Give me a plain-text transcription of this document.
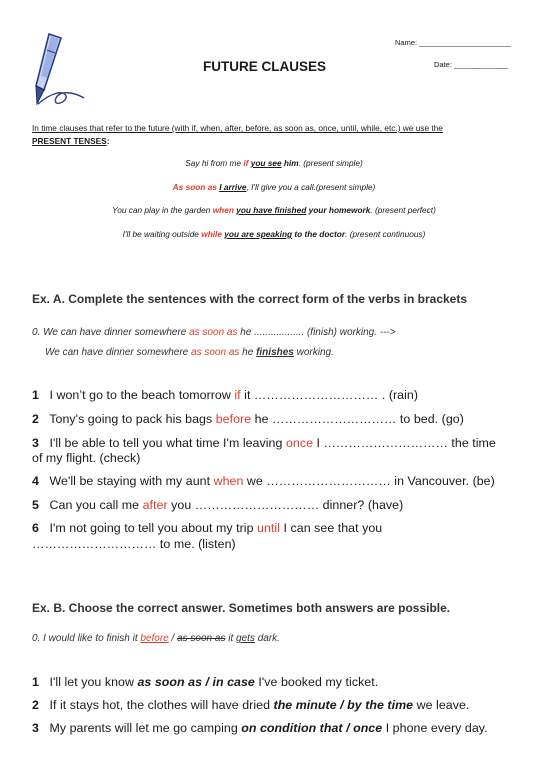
FUTURE CLAUSES
Name: ______________________
Date: _____________
In time clauses that refer to the future (with if, when, after, before, as soon as, once, until, while, etc.) we use the
PRESENT TENSES:
Say hi from me if you see him. (present simple)
As soon as I arrive, I'll give you a call.(present simple)
You can play in the garden when you have finished your homework. (present perfect)
I'll be waiting outside while you are speaking to the doctor. (present continuous)
Ex. A. Complete the sentences with the correct form of the verbs in brackets
0. We can have dinner somewhere as soon as he .................. (finish) working. --->
We can have dinner somewhere as soon as he finishes working.
1 I won’t go to the beach tomorrow if it ………………………… . (rain)
2 Tony's going to pack his bags before he ………………………… to bed. (go)
3 I'll be able to tell you what time I'm leaving once I ………………………… the time
of my flight. (check)
4 We'll be staying with my aunt when we ………………………… in Vancouver. (be)
5 Can you call me after you ………………………… dinner? (have)
6 I'm not going to tell you about my trip until I can see that you
………………………… to me. (listen)
Ex. B. Choose the correct answer. Sometimes both answers are possible.
0. I would like to finish it before / as soon as it gets dark.
1 I'll let you know as soon as / in case I've booked my ticket.
2 If it stays hot, the clothes will have dried the minute / by the time we leave.
3 My parents will let me go camping on condition that / once I phone every day.
